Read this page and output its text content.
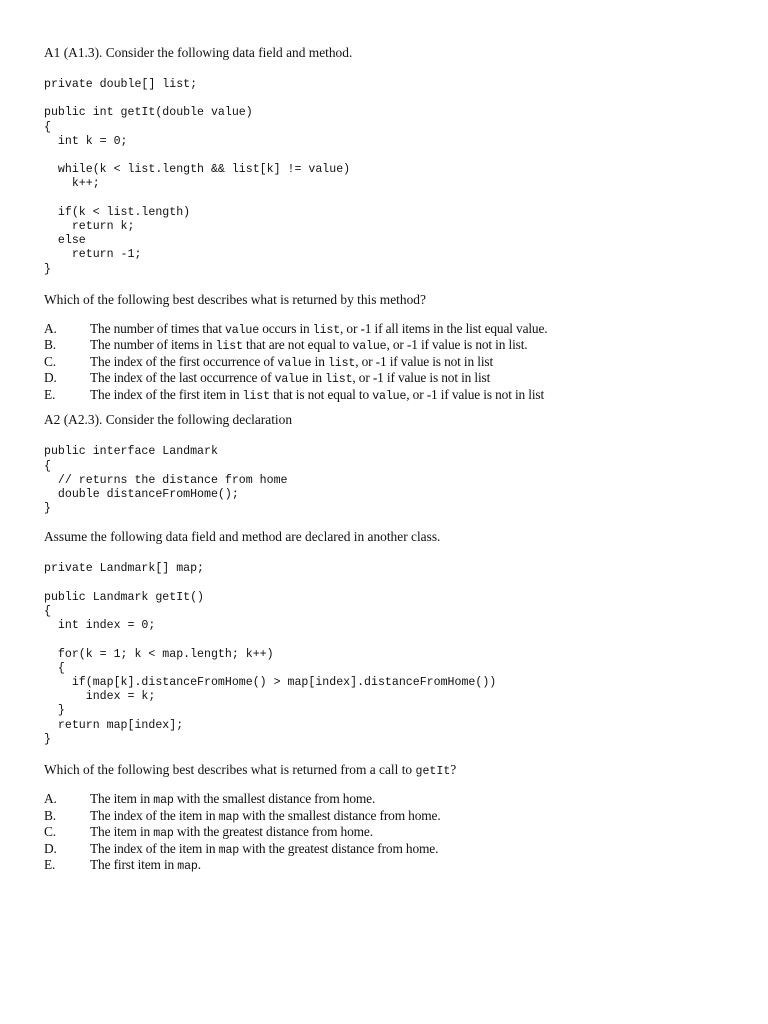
A1 (A1.3). Consider the following data field and method.
private double[] list;

public int getIt(double value)
{
int k = 0;

while(k < list.length && list[k] != value)
k++;

if(k < list.length)
return k;
else
return -1;
}
Which of the following best describes what is returned by this method?
A.	The number of times that value occurs in list, or -1 if all items in the list equal value.
B.	The number of items in list that are not equal to value, or -1 if value is not in list.
C.	The index of the first occurrence of value in list, or -1 if value is not in list
D.	The index of the last occurrence of value in list, or -1 if value is not in list
E.	The index of the first item in list that is not equal to value, or -1 if value is not in list
A2 (A2.3). Consider the following declaration
public interface Landmark
{
// returns the distance from home
double distanceFromHome();
}
Assume the following data field and method are declared in another class.
private Landmark[] map;

public Landmark getIt()
{
int index = 0;

for(k = 1; k < map.length; k++)
{
if(map[k].distanceFromHome() > map[index].distanceFromHome())
index = k;
}
return map[index];
}
Which of the following best describes what is returned from a call to getIt?
A.	The item in map with the smallest distance from home.
B.	The index of the item in map with the smallest distance from home.
C.	The item in map with the greatest distance from home.
D.	The index of the item in map with the greatest distance from home.
E.	The first item in map.
